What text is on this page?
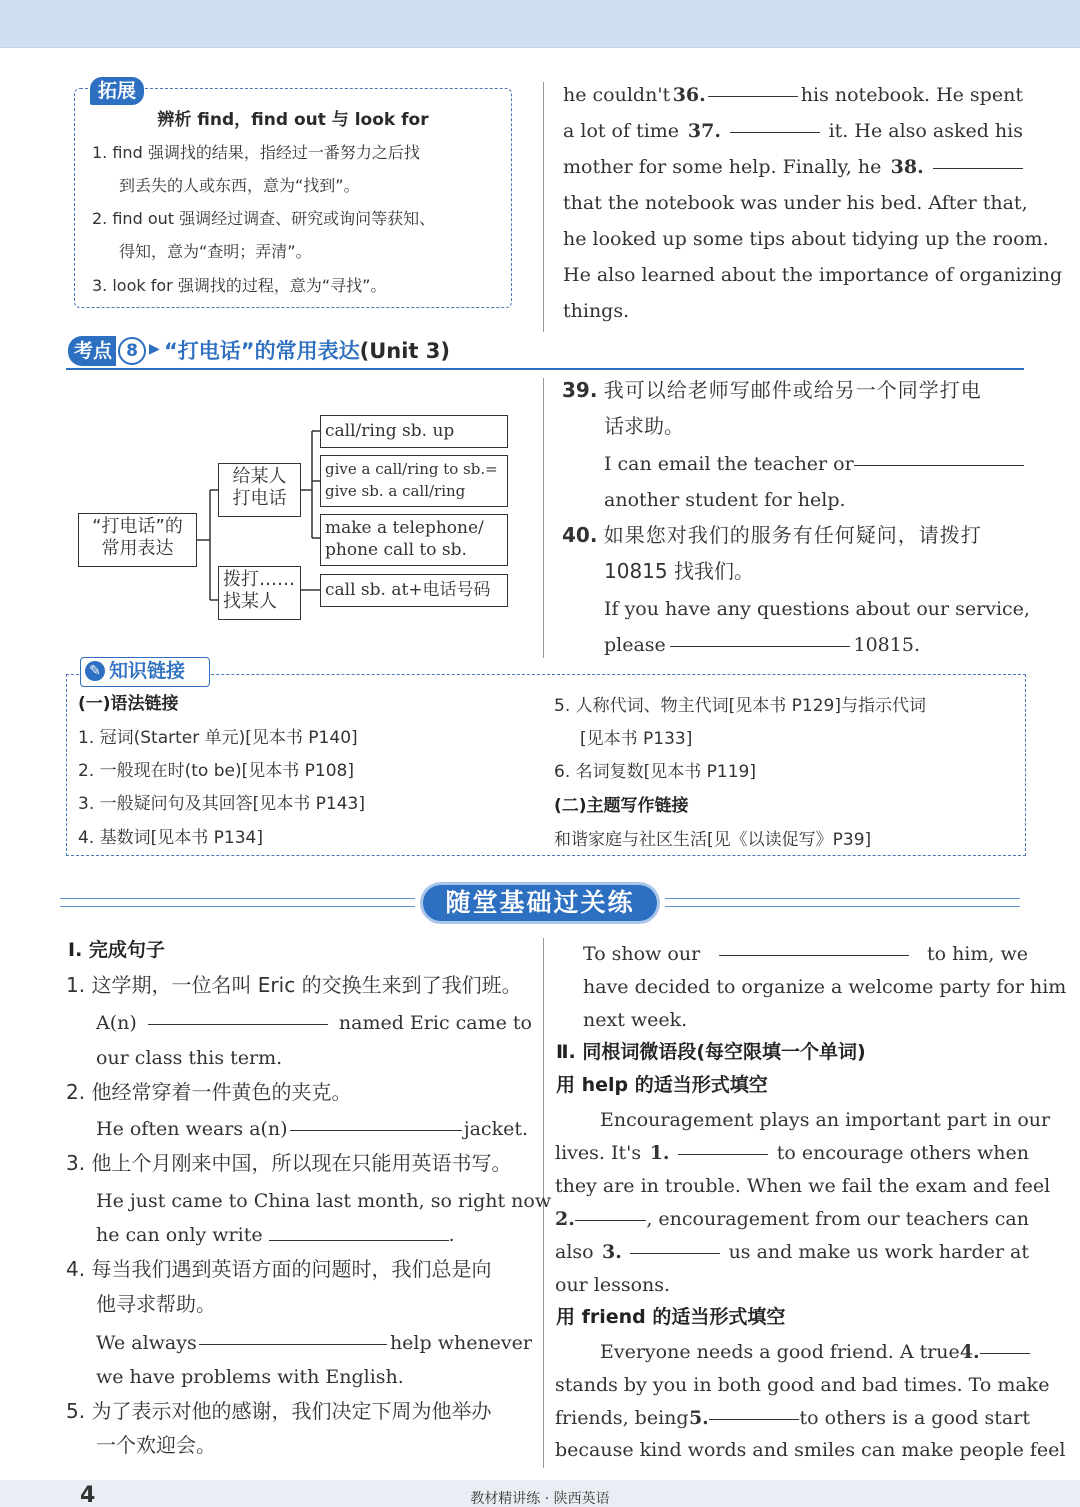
拓展
辨析 find，find out 与 look for
1. find 强调找的结果，指经过一番努力之后找
到丢失的人或东西，意为“找到”。
2. find out 强调经过调查、研究或询问等获知、
得知，意为“查明；弄清”。
3. look for 强调找的过程，意为“寻找”。
he couldn't 36.	his notebook. He spent
a lot of time 37.	it. He also asked his
mother for some help. Finally, he 38.
that the notebook was under his bed. After that,
he looked up some tips about tidying up the room.
He also learned about the importance of organizing
things.
考点 8 ▶ “打电话”的常用表达(Unit 3)
“打电话”的
常用表达
给某人
打电话
拨打……
找某人
call/ring sb. up
give a call/ring to sb.=
give sb. a call/ring
make a telephone/
phone call to sb.
call sb. at+电话号码
39. 我可以给老师写邮件或给另一个同学打电
话求助。
I can email the teacher or
another student for help.
40. 如果您对我们的服务有任何疑问，请拨打
10815 找我们。
If you have any questions about our service,
please	10815.
知识链接
✎
(一)语法链接
1. 冠词(Starter 单元)[见本书 P140]
2. 一般现在时(to be)[见本书 P108]
3. 一般疑问句及其回答[见本书 P143]
4. 基数词[见本书 P134]
5. 人称代词、物主代词[见本书 P129]与指示代词
[见本书 P133]
6. 名词复数[见本书 P119]
(二)主题写作链接
和谐家庭与社区生活[见《以读促写》P39]
随堂基础过关练
Ⅰ. 完成句子
1. 这学期，一位名叫 Eric 的交换生来到了我们班。
A(n)	named Eric came to
our class this term.
2. 他经常穿着一件黄色的夹克。
He often wears a(n)	jacket.
3. 他上个月刚来中国，所以现在只能用英语书写。
He just came to China last month, so right now
he can only write	.
4. 每当我们遇到英语方面的问题时，我们总是向
他寻求帮助。
We always	help whenever
we have problems with English.
5. 为了表示对他的感谢，我们决定下周为他举办
一个欢迎会。
To show our	to him, we
have decided to organize a welcome party for him
next week.
Ⅱ. 同根词微语段(每空限填一个单词)
用 help 的适当形式填空
Encouragement plays an important part in our
lives. It's 1.	to encourage others when
they are in trouble. When we fail the exam and feel
2.	, encouragement from our teachers can
also 3.	us and make us work harder at
our lessons.
用 friend 的适当形式填空
Everyone needs a good friend. A true 4.
stands by you in both good and bad times. To make
friends, being 5.	to others is a good start
because kind words and smiles can make people feel
4	教材精讲练 · 陕西英语
